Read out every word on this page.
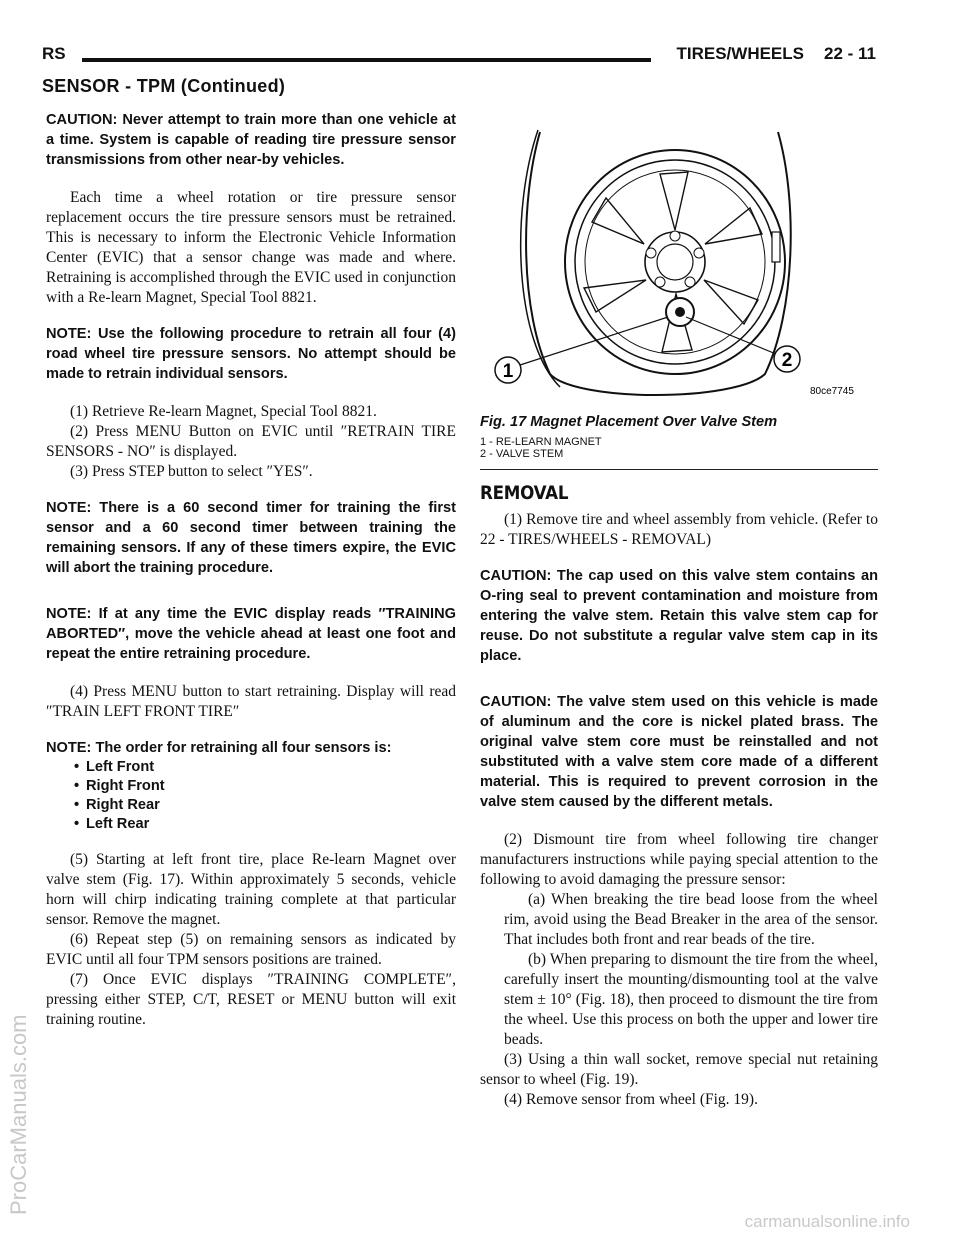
RS	TIRES/WHEELS 22 - 11
SENSOR - TPM (Continued)

CAUTION: Never attempt to train more than one vehicle at a time. System is capable of reading tire pressure sensor transmissions from other near-by vehicles.

Each time a wheel rotation or tire pressure sensor replacement occurs the tire pressure sensors must be retrained. This is necessary to inform the Electronic Vehicle Information Center (EVIC) that a sensor change was made and where. Retraining is accomplished through the EVIC used in conjunction with a Re-learn Magnet, Special Tool 8821.

NOTE: Use the following procedure to retrain all four (4) road wheel tire pressure sensors. No attempt should be made to retrain individual sensors.

(1) Retrieve Re-learn Magnet, Special Tool 8821.

(2) Press MENU Button on EVIC until ″RETRAIN TIRE SENSORS - NO″ is displayed.

(3) Press STEP button to select ″YES″.

NOTE: There is a 60 second timer for training the first sensor and a 60 second timer between training the remaining sensors. If any of these timers expire, the EVIC will abort the training procedure.

NOTE: If at any time the EVIC display reads ″TRAINING ABORTED″, move the vehicle ahead at least one foot and repeat the entire retraining procedure.

(4) Press MENU button to start retraining. Display will read ″TRAIN LEFT FRONT TIRE″

NOTE: The order for retraining all four sensors is:

• Left Front
• Right Front
• Right Rear
• Left Rear

(5) Starting at left front tire, place Re-learn Magnet over valve stem (Fig. 17). Within approximately 5 seconds, vehicle horn will chirp indicating training complete at that particular sensor. Remove the magnet.

(6) Repeat step (5) on remaining sensors as indicated by EVIC until all four TPM sensors positions are trained.

(7) Once EVIC displays ″TRAINING COMPLETE″, pressing either STEP, C/T, RESET or MENU button will exit training routine.

1
2
80ce7745
Fig. 17 Magnet Placement Over Valve Stem
1 - RE-LEARN MAGNET
2 - VALVE STEM
REMOVAL

(1) Remove tire and wheel assembly from vehicle. (Refer to 22 - TIRES/WHEELS - REMOVAL)

CAUTION: The cap used on this valve stem contains an O-ring seal to prevent contamination and moisture from entering the valve stem. Retain this valve stem cap for reuse. Do not substitute a regular valve stem cap in its place.

CAUTION: The valve stem used on this vehicle is made of aluminum and the core is nickel plated brass. The original valve stem core must be reinstalled and not substituted with a valve stem core made of a different material. This is required to prevent corrosion in the valve stem caused by the different metals.

(2) Dismount tire from wheel following tire changer manufacturers instructions while paying special attention to the following to avoid damaging the pressure sensor:

(a) When breaking the tire bead loose from the wheel rim, avoid using the Bead Breaker in the area of the sensor. That includes both front and rear beads of the tire.

(b) When preparing to dismount the tire from the wheel, carefully insert the mounting/dismounting tool at the valve stem ± 10° (Fig. 18), then proceed to dismount the tire from the wheel. Use this process on both the upper and lower tire beads.

(3) Using a thin wall socket, remove special nut retaining sensor to wheel (Fig. 19).

(4) Remove sensor from wheel (Fig. 19).

ProCarManuals.com
carmanualsonline.info
